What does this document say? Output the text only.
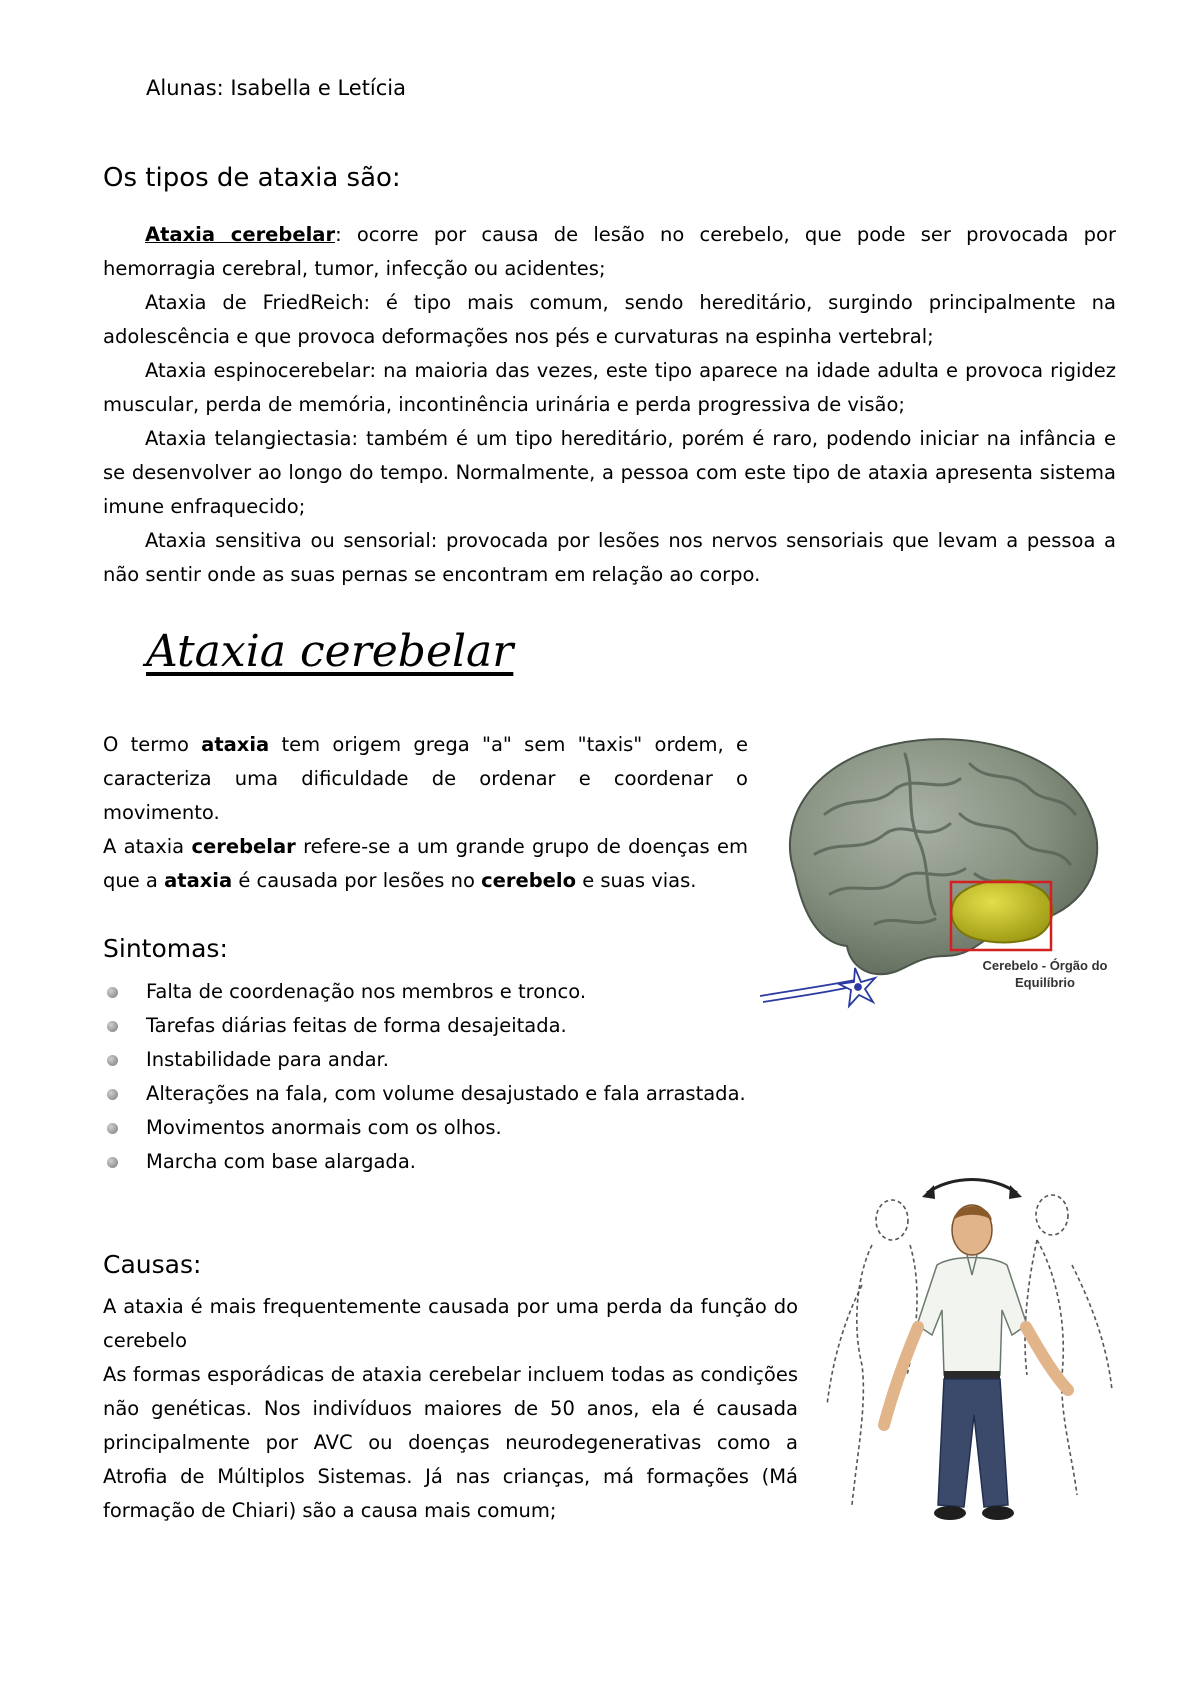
Alunas: Isabella e Letícia
Os tipos de ataxia são:
Ataxia cerebelar: ocorre por causa de lesão no cerebelo, que pode ser provocada por hemorragia cerebral, tumor, infecção ou acidentes;
Ataxia de FriedReich: é tipo mais comum, sendo hereditário, surgindo principalmente na adolescência e que provoca deformações nos pés e curvaturas na espinha vertebral;
Ataxia espinocerebelar: na maioria das vezes, este tipo aparece na idade adulta e provoca rigidez muscular, perda de memória, incontinência urinária e perda progressiva de visão;
Ataxia telangiectasia: também é um tipo hereditário, porém é raro, podendo iniciar na infância e se desenvolver ao longo do tempo. Normalmente, a pessoa com este tipo de ataxia apresenta sistema imune enfraquecido;
Ataxia sensitiva ou sensorial: provocada por lesões nos nervos sensoriais que levam a pessoa a não sentir onde as suas pernas se encontram em relação ao corpo.
Ataxia cerebelar

O termo ataxia tem origem grega "a" sem "taxis" ordem, e caracteriza uma dificuldade de ordenar e coordenar o movimento.

A ataxia cerebelar refere-se a um grande grupo de doenças em que a ataxia é causada por lesões no cerebelo e suas vias.

Cerebelo - Órgão do
Equilíbrio
Sintomas:
Falta de coordenação nos membros e tronco.
Tarefas diárias feitas de forma desajeitada.
Instabilidade para andar.
Alterações na fala, com volume desajustado e fala arrastada.
Movimentos anormais com os olhos.
Marcha com base alargada.
Causas:

A ataxia é mais frequentemente causada por uma perda da função do cerebelo

As formas esporádicas de ataxia cerebelar incluem todas as condições não genéticas. Nos indivíduos maiores de 50 anos, ela é causada principalmente por AVC ou doenças neurodegenerativas como a Atrofia de Múltiplos Sistemas. Já nas crianças, má formações (Má formação de Chiari) são a causa mais comum;
